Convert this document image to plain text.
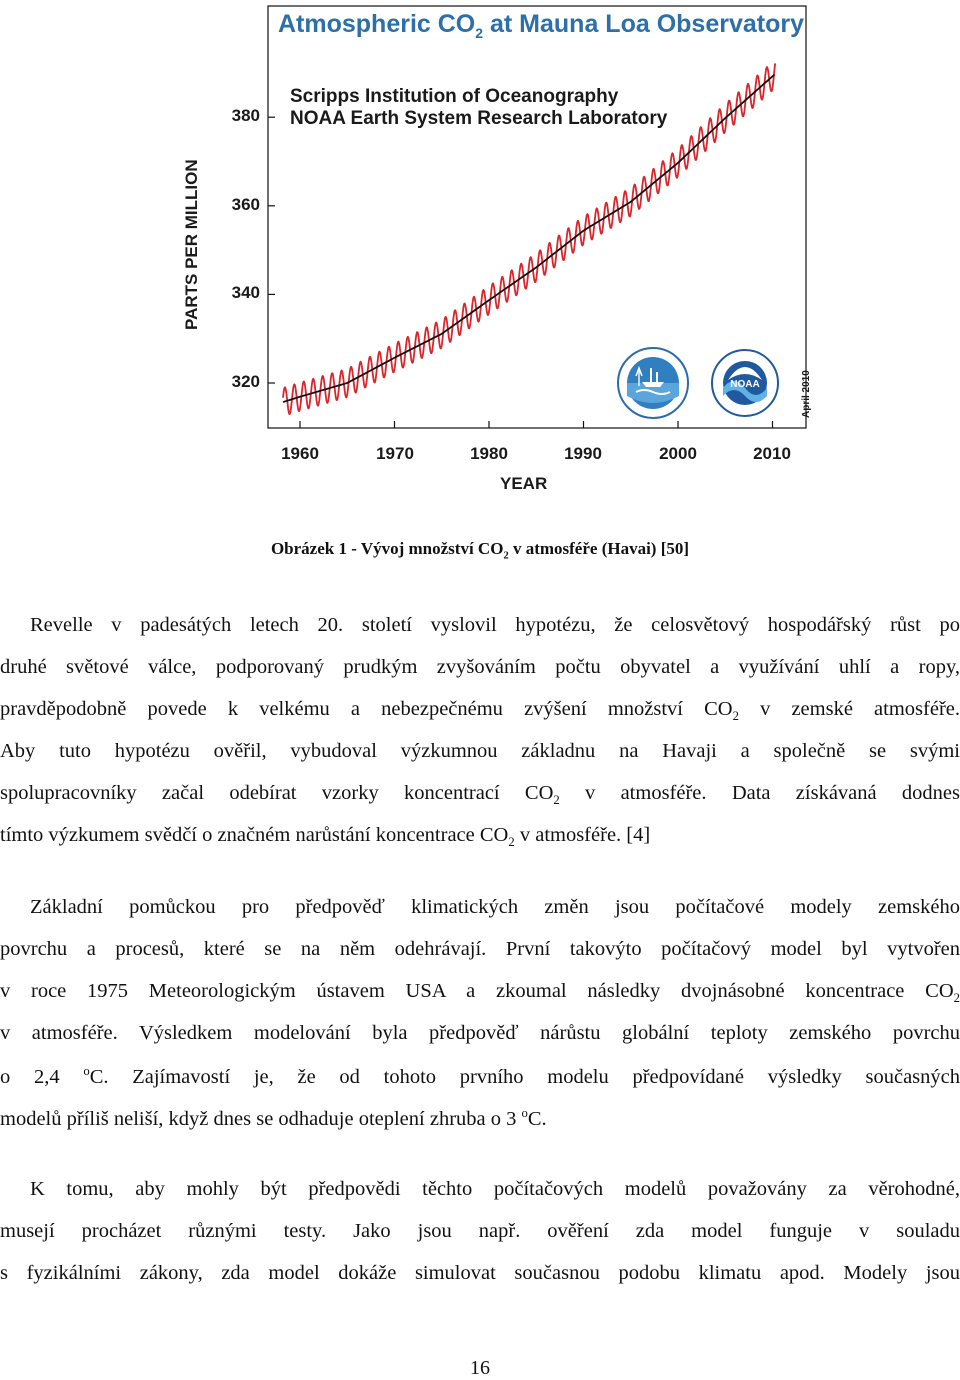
Atmospheric $CO_2$ at Mauna Loa Observatory
Scripps Institution of Oceanography
NOAA Earth System Research Laboratory
320
340
360
380
1960	1970	1980	1990	2000	2010
PARTS PER MILLION
YEAR
April 2010
NOAA
Obrázek 1 - Vývoj množství $CO_2$ v atmosféře (Havai) [50]
Revelle v padesátých letech 20. století vyslovil hypotézu, že celosvětový hospodářský růst po
druhé světové válce, podporovaný prudkým zvyšováním počtu obyvatel a využívání uhlí a ropy,
pravděpodobně povede k velkému a nebezpečnému zvýšení množství $CO_2$ v zemské atmosféře.
Aby tuto hypotézu ověřil, vybudoval výzkumnou základnu na Havaji a společně se svými
spolupracovníky začal odebírat vzorky koncentrací $CO_2$ v atmosféře. Data získávaná dodnes
tímto výzkumem svědčí o značném narůstání koncentrace $CO_2$ v atmosféře. [4]
Základní pomůckou pro předpověď klimatických změn jsou počítačové modely zemského
povrchu a procesů, které se na něm odehrávají. První takovýto počítačový model byl vytvořen
v roce 1975 Meteorologickým ústavem USA a zkoumal následky dvojnásobné koncentrace $CO_2$
v atmosféře. Výsledkem modelování byla předpověď nárůstu globální teploty zemského povrchu
o 2,4 $^o$C. Zajímavostí je, že od tohoto prvního modelu předpovídané výsledky současných
modelů příliš neliší, když dnes se odhaduje oteplení zhruba o 3 $^o$C.
K tomu, aby mohly být předpovědi těchto počítačových modelů považovány za věrohodné,
musejí procházet různými testy. Jako jsou např. ověření zda model funguje v souladu
s fyzikálními zákony, zda model dokáže simulovat současnou podobu klimatu apod. Modely jsou
16
